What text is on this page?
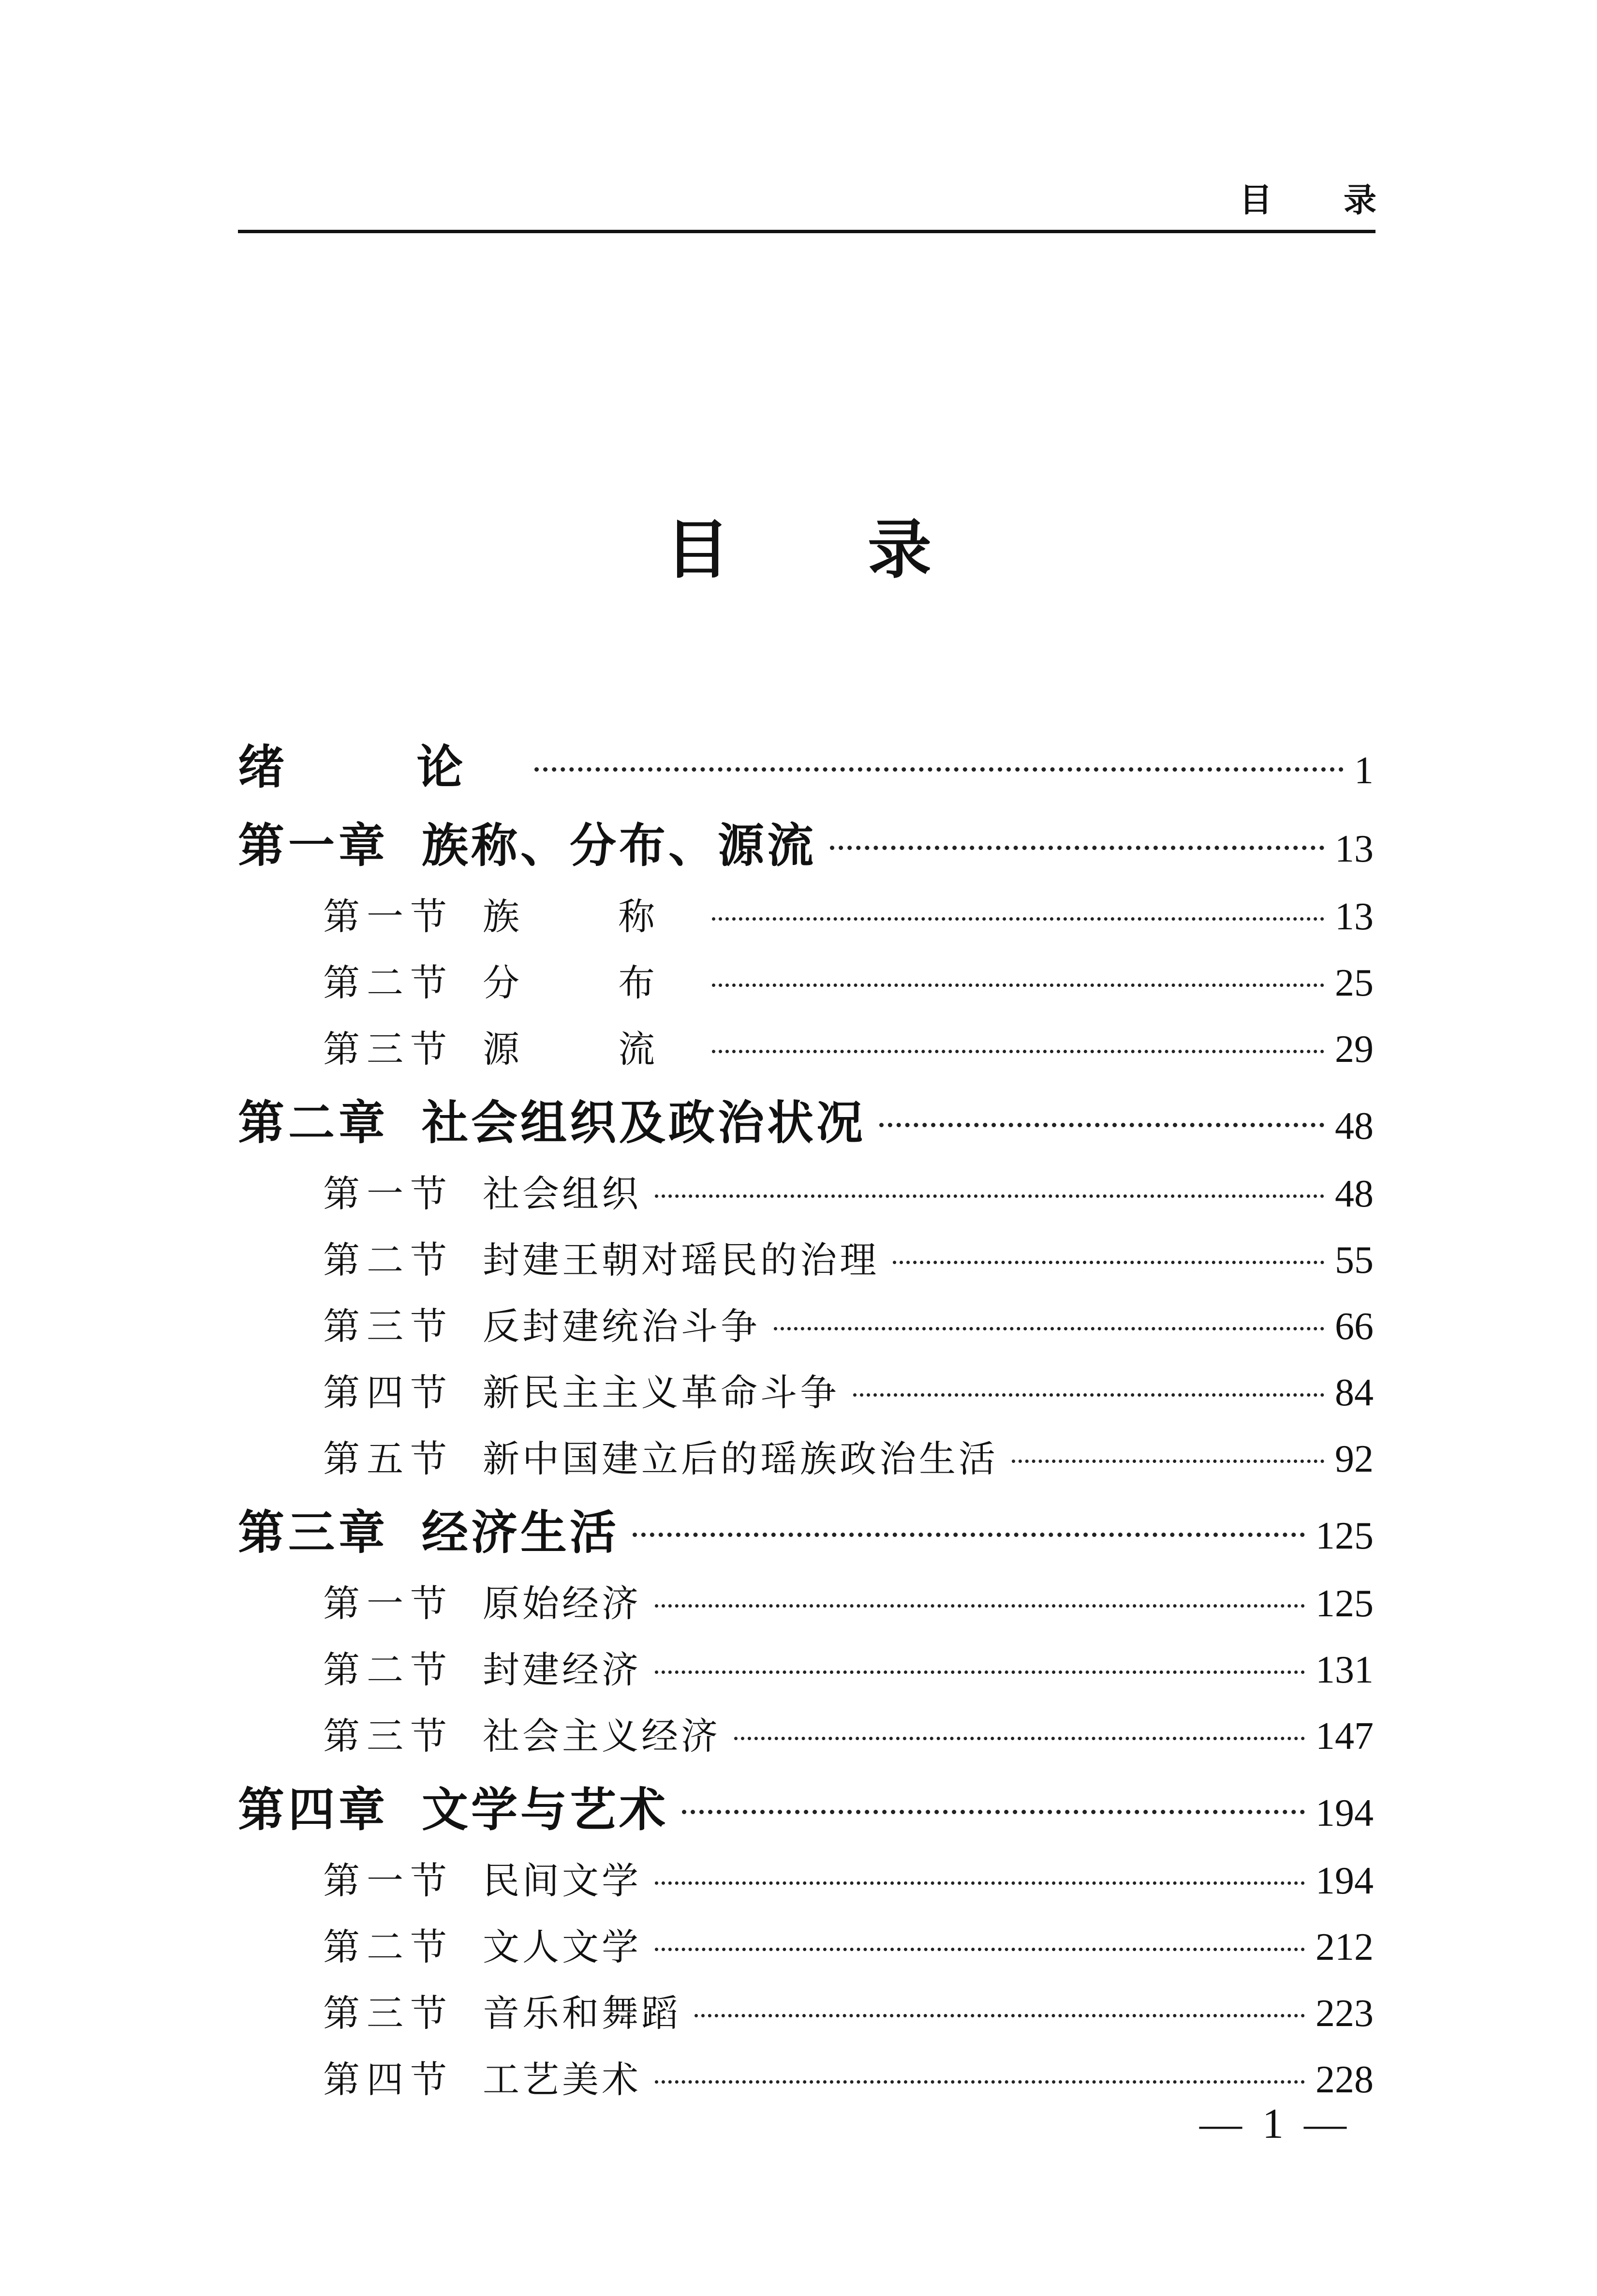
目 录
目 录
绪 论	1
第一章 族称、分布、源流	13
第一节 族 称	13
第二节 分 布	25
第三节 源 流	29
第二章 社会组织及政治状况	48
第一节 社会组织	48
第二节 封建王朝对瑶民的治理	55
第三节 反封建统治斗争	66
第四节 新民主主义革命斗争	84
第五节 新中国建立后的瑶族政治生活	92
第三章 经济生活	125
第一节 原始经济	125
第二节 封建经济	131
第三节 社会主义经济	147
第四章 文学与艺术	194
第一节 民间文学	194
第二节 文人文学	212
第三节 音乐和舞蹈	223
第四节 工艺美术	228
— 1 —
